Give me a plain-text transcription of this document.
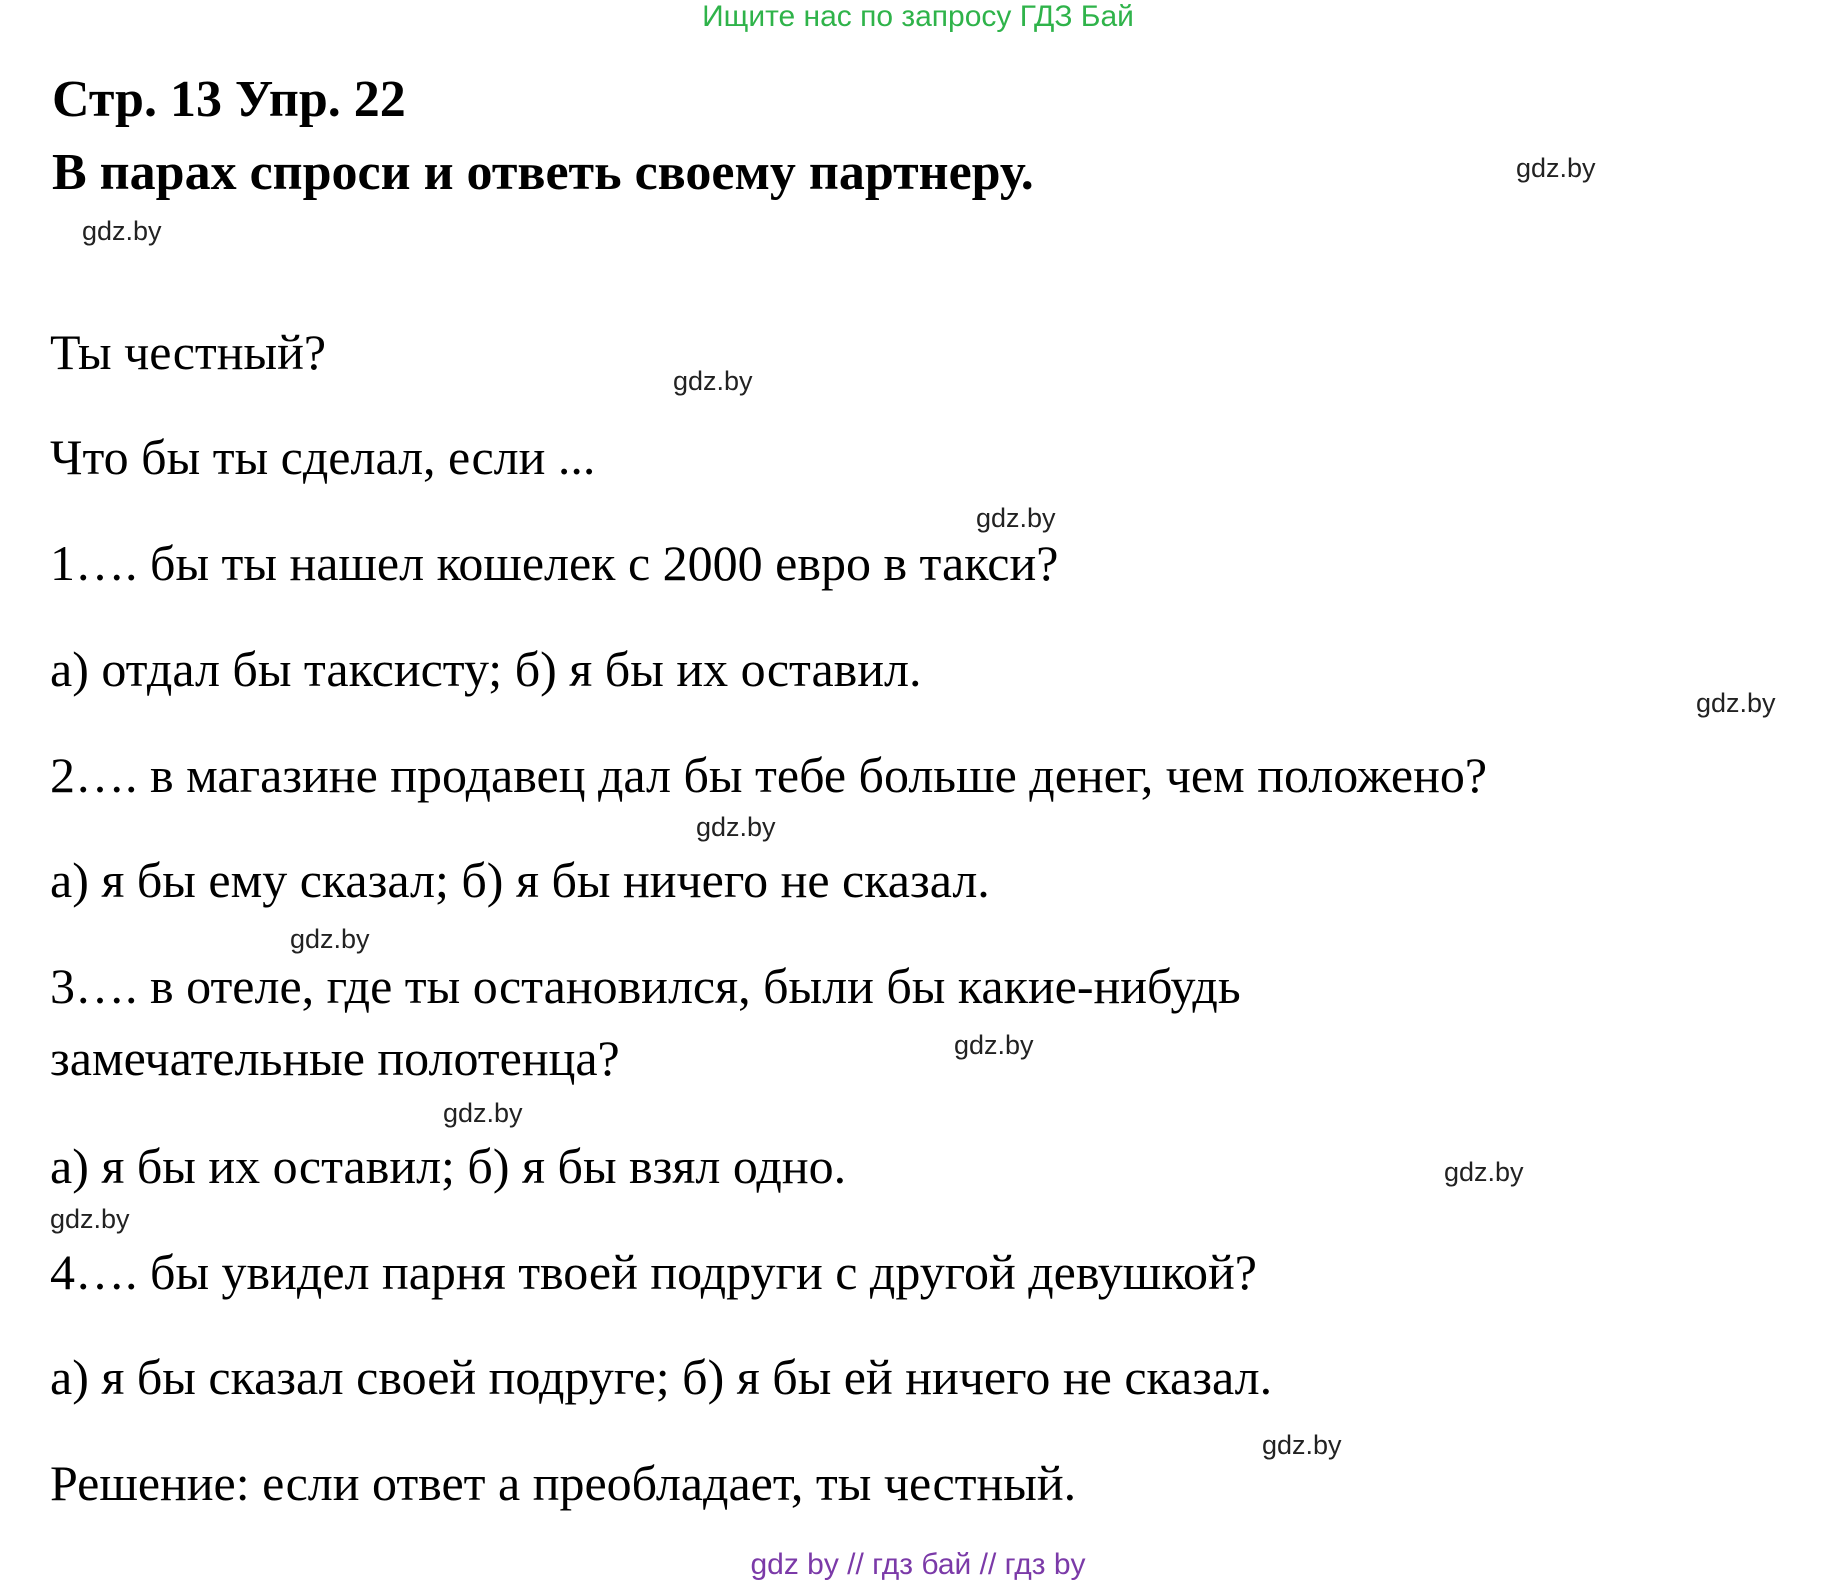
Ищите нас по запросу ГДЗ Бай
Стр. 13 Упр. 22
В парах спроси и ответь своему партнеру.
Ты честный?
Что бы ты сделал, если ...
1…. бы ты нашел кошелек с 2000 евро в такси?
а) отдал бы таксисту; б) я бы их оставил.
2…. в магазине продавец дал бы тебе больше денег, чем положено?
а) я бы ему сказал; б) я бы ничего не сказал.
3…. в отеле, где ты остановился, были бы какие-нибудь
замечательные полотенца?
а) я бы их оставил; б) я бы взял одно.
4…. бы увидел парня твоей подруги с другой девушкой?
а) я бы сказал своей подруге; б) я бы ей ничего не сказал.
Решение: если ответ а преобладает, ты честный.
gdz.by
gdz.by
gdz.by
gdz.by
gdz.by
gdz.by
gdz.by
gdz.by
gdz.by
gdz.by
gdz.by
gdz.by
gdz by // гдз бай // гдз by
